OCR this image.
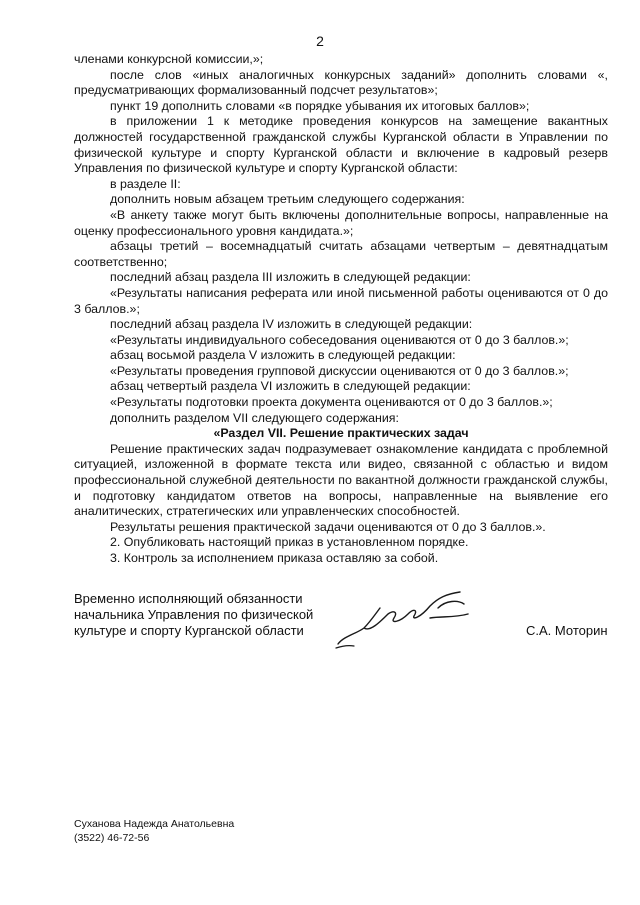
2

членами конкурсной комиссии,»;

после слов «иных аналогичных конкурсных заданий» дополнить словами «, предусматривающих формализованный подсчет результатов»;

пункт 19 дополнить словами «в порядке убывания их итоговых баллов»;

в приложении 1 к методике проведения конкурсов на замещение вакантных должностей государственной гражданской службы Курганской области в Управлении по физической культуре и спорту Курганской области и включение в кадровый резерв Управления по физической культуре и спорту Курганской области:

в разделе II:

дополнить новым абзацем третьим следующего содержания:

«В анкету также могут быть включены дополнительные вопросы, направленные на оценку профессионального уровня кандидата.»;

абзацы третий – восемнадцатый считать абзацами четвертым – девятнадцатым соответственно;

последний абзац раздела III изложить в следующей редакции:

«Результаты написания реферата или иной письменной работы оцениваются от 0 до 3 баллов.»;

последний абзац раздела IV изложить в следующей редакции:

«Результаты индивидуального собеседования оцениваются от 0 до 3 баллов.»;

абзац восьмой раздела V изложить в следующей редакции:

«Результаты проведения групповой дискуссии оцениваются от 0 до 3 баллов.»;

абзац четвертый раздела VI изложить в следующей редакции:

«Результаты подготовки проекта документа оцениваются от 0 до 3 баллов.»;

дополнить разделом VII следующего содержания:

«Раздел VII. Решение практических задач

Решение практических задач подразумевает ознакомление кандидата с проблемной ситуацией, изложенной в формате текста или видео, связанной с областью и видом профессиональной служебной деятельности по вакантной должности гражданской службы, и подготовку кандидатом ответов на вопросы, направленные на выявление его аналитических, стратегических или управленческих способностей.

Результаты решения практической задачи оцениваются от 0 до 3 баллов.».

2. Опубликовать настоящий приказ в установленном порядке.

3. Контроль за исполнением приказа оставляю за собой.

Временно исполняющий обязанности
начальника Управления по физической
культуре и спорту Курганской области	С.А. Моторин
Суханова Надежда Анатольевна
(3522) 46-72-56
